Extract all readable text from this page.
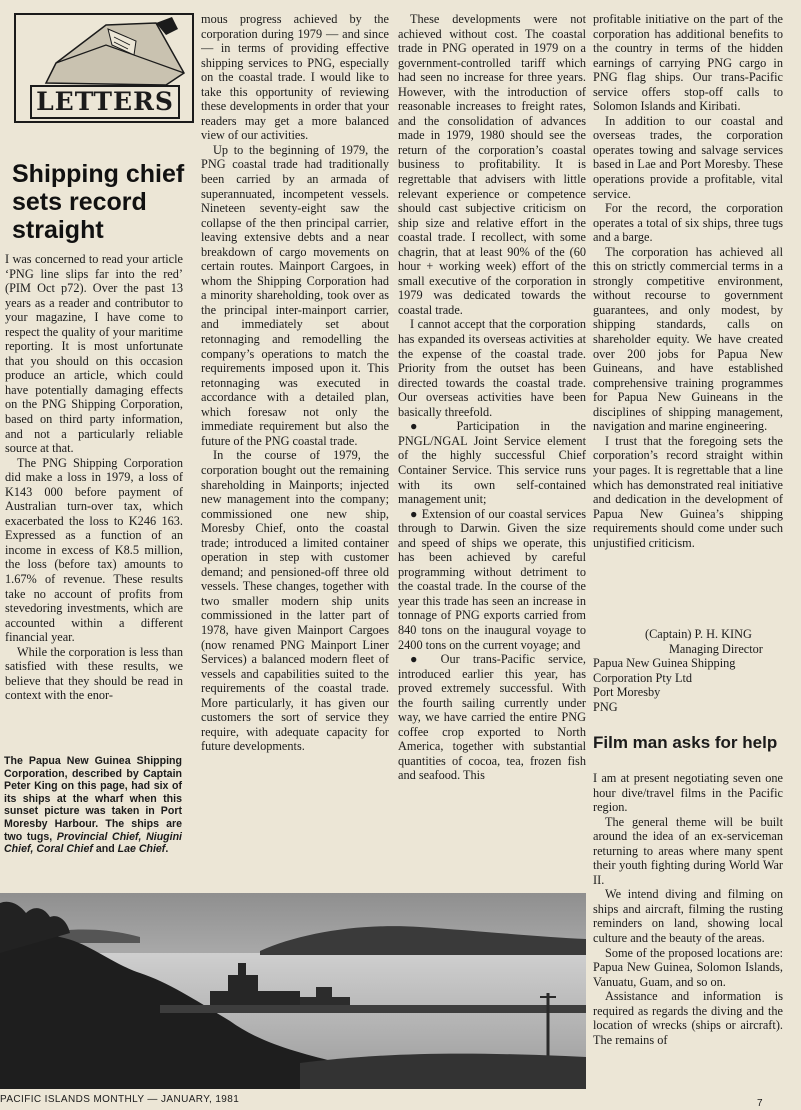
LETTERS
Shipping chief sets record straight

I was concerned to read your article ‘PNG line slips far into the red’ (PIM Oct p72). Over the past 13 years as a reader and contributor to your magazine, I have come to respect the quality of your maritime reporting. It is most unfortunate that you should on this occasion produce an article, which could have potentially damaging effects on the PNG Shipping Corporation, based on third party information, and not a particularly reliable source at that.

The PNG Shipping Corporation did make a loss in 1979, a loss of K143 000 before payment of Australian turn-over tax, which exacerbated the loss to K246 163. Expressed as a function of an income in excess of K8.5 million, the loss (before tax) amounts to 1.67% of revenue. These results take no account of profits from stevedoring investments, which are accounted within a different financial year.

While the corporation is less than satisfied with these results, we believe that they should be read in context with the enor-

The Papua New Guinea Shipping Corporation, described by Captain Peter King on this page, had six of its ships at the wharf when this sunset picture was taken in Port Moresby Harbour. The ships are two tugs, Provincial Chief, Niugini Chief, Coral Chief and Lae Chief.

mous progress achieved by the corporation during 1979 — and since — in terms of providing effective shipping services to PNG, especially on the coastal trade. I would like to take this opportunity of reviewing these developments in order that your readers may get a more balanced view of our activities.

Up to the beginning of 1979, the PNG coastal trade had traditionally been carried by an armada of superannuated, incompetent vessels. Nineteen seventy-eight saw the collapse of the then principal carrier, leaving extensive debts and a near breakdown of cargo movements on certain routes. Mainport Cargoes, in whom the Shipping Corporation had a minority shareholding, took over as the principal inter-mainport carrier, and immediately set about retonnaging and remodelling the company’s operations to match the requirements imposed upon it. This retonnaging was executed in accordance with a detailed plan, which foresaw not only the immediate requirement but also the future of the PNG coastal trade.

In the course of 1979, the corporation bought out the remaining shareholding in Mainports; injected new management into the company; commissioned one new ship, Moresby Chief, onto the coastal trade; introduced a limited container operation in step with customer demand; and pensioned-off three old vessels. These changes, together with two smaller modern ship units commissioned in the latter part of 1978, have given Mainport Cargoes (now renamed PNG Mainport Liner Services) a balanced modern fleet of vessels and capabilities suited to the requirements of the coastal trade. More particularly, it has given our customers the sort of service they require, with adequate capacity for future developments.

These developments were not achieved without cost. The coastal trade in PNG operated in 1979 on a government-controlled tariff which had seen no increase for three years. However, with the introduction of reasonable increases to freight rates, and the consolidation of advances made in 1979, 1980 should see the return of the corporation’s coastal business to profitability. It is regrettable that advisers with little relevant experience or competence should cast subjective criticism on ship size and relative effort in the coastal trade. I recollect, with some chagrin, that at least 90% of the (60 hour + working week) effort of the small executive of the corporation in 1979 was dedicated towards the coastal trade.

I cannot accept that the corporation has expanded its overseas activities at the expense of the coastal trade. Priority from the outset has been directed towards the coastal trade. Our overseas activities have been basically threefold.

● Participation in the PNGL/NGAL Joint Service element of the highly successful Chief Container Service. This service runs with its own self-contained management unit;

● Extension of our coastal services through to Darwin. Given the size and speed of ships we operate, this has been achieved by careful programming without detriment to the coastal trade. In the course of the year this trade has seen an increase in tonnage of PNG exports carried from 840 tons on the inaugural voyage to 2400 tons on the current voyage; and

● Our trans-Pacific service, introduced earlier this year, has proved extremely successful. With the fourth sailing currently under way, we have carried the entire PNG coffee crop exported to North America, together with substantial quantities of cocoa, tea, frozen fish and seafood. This

profitable initiative on the part of the corporation has additional benefits to the country in terms of the hidden earnings of carrying PNG cargo in PNG flag ships. Our trans-Pacific service offers stop-off calls to Solomon Islands and Kiribati.

In addition to our coastal and overseas trades, the corporation operates towing and salvage services based in Lae and Port Moresby. These operations provide a profitable, vital service.

For the record, the corporation operates a total of six ships, three tugs and a barge.

The corporation has achieved all this on strictly commercial terms in a strongly competitive environment, without recourse to government guarantees, and only modest, by shipping standards, calls on shareholder equity. We have created over 200 jobs for Papua New Guineans, and have established comprehensive training programmes for Papua New Guineans in the disciplines of shipping management, navigation and marine engineering.

I trust that the foregoing sets the corporation’s record straight within your pages. It is regrettable that a line which has demonstrated real initiative and dedication in the development of Papua New Guinea’s shipping requirements should come under such unjustified criticism.

(Captain) P. H. KING
Managing Director
Papua New Guinea Shipping
Corporation Pty Ltd
Port Moresby
PNG
Film man asks for help

I am at present negotiating seven one hour dive/travel films in the Pacific region.

The general theme will be built around the idea of an ex-serviceman returning to areas where many spent their youth fighting during World War II.

We intend diving and filming on ships and aircraft, filming the rusting reminders on land, showing local culture and the beauty of the areas.

Some of the proposed locations are: Papua New Guinea, Solomon Islands, Vanuatu, Guam, and so on.

Assistance and information is required as regards the diving and the location of wrecks (ships or aircraft). The remains of

PACIFIC ISLANDS MONTHLY — JANUARY, 1981	7
